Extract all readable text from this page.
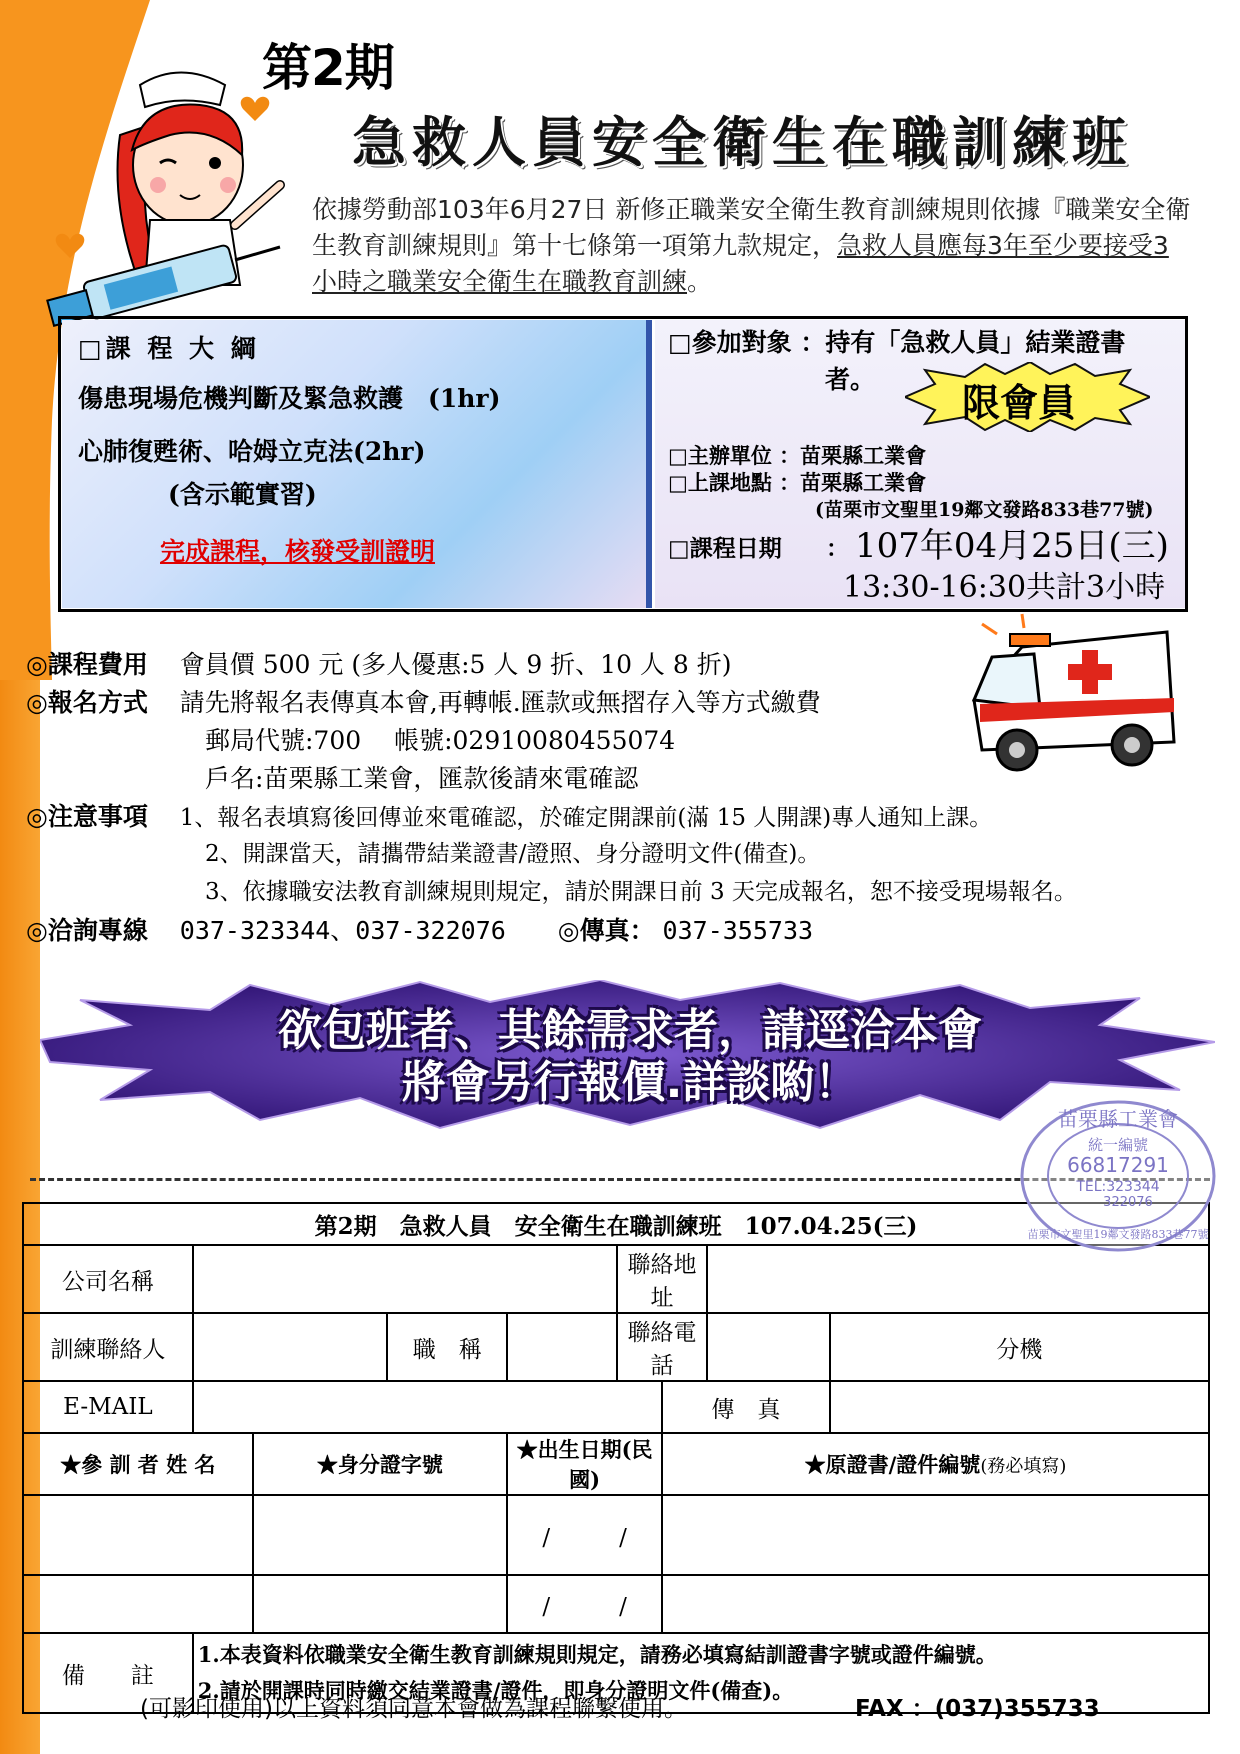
第2期
急救人員安全衛生在職訓練班
依據勞動部103年6月27日 新修正職業安全衛生教育訓練規則依據『職業安全衛生教育訓練規則』第十七條第一項第九款規定，急救人員應每3年至少要接受3小時之職業安全衛生在職教育訓練。
□課 程 大 綱
傷患現場危機判斷及緊急救護　(1hr)
心肺復甦術、哈姆立克法(2hr)
(含示範實習)
完成課程，核發受訓證明
□參加對象 ：持有「急救人員」結業證書
者。
限會員
□主辦單位 ：苗栗縣工業會
□上課地點 ：苗栗縣工業會
(苗栗市文聖里19鄰文發路833巷77號)
□課程日期 ： 107年04月25日(三)
13:30-16:30共計3小時
◎課程費用 會員價 500 元 (多人優惠:5 人 9 折、10 人 8 折)
◎報名方式 請先將報名表傳真本會,再轉帳.匯款或無摺存入等方式繳費
郵局代號:700　 帳號:02910080455074
戶名:苗栗縣工業會，匯款後請來電確認
◎注意事項 1、報名表填寫後回傳並來電確認，於確定開課前(滿 15 人開課)專人通知上課。
2、開課當天，請攜帶結業證書/證照、身分證明文件(備查)。
3、依據職安法教育訓練規則規定，請於開課日前 3 天完成報名，恕不接受現場報名。
◎洽詢專線 037-323344、037-322076 ◎傳真： 037-355733
欲包班者、其餘需求者，請逕洽本會
將會另行報價.詳談喲！
第2期　急救人員　安全衛生在職訓練班　107.04.25(三)								
公司名稱					聯絡地址			
訓練聯絡人			職　稱		聯絡電話			分機
E-MAIL						傳　真		
★參 訓 者 姓 名		★身分證字號		★出生日期(民國)		★原證書/證件編號(務必填寫)		
				/　　　/				
				/　　　/				
備　　註	1.本表資料依職業安全衛生教育訓練規則規定，請務必填寫結訓證書字號或證件編號。
2.請於開課時同時繳交結業證書/證件，即身分證明文件(備查)。							
苗栗縣工業會
統一編號
66817291
TEL:323344
322076
苗栗市文聖里19鄰文發路833巷77號
(可影印使用)以上資料須同意本會做為課程聯繫使用。	FAX ：(037)355733
